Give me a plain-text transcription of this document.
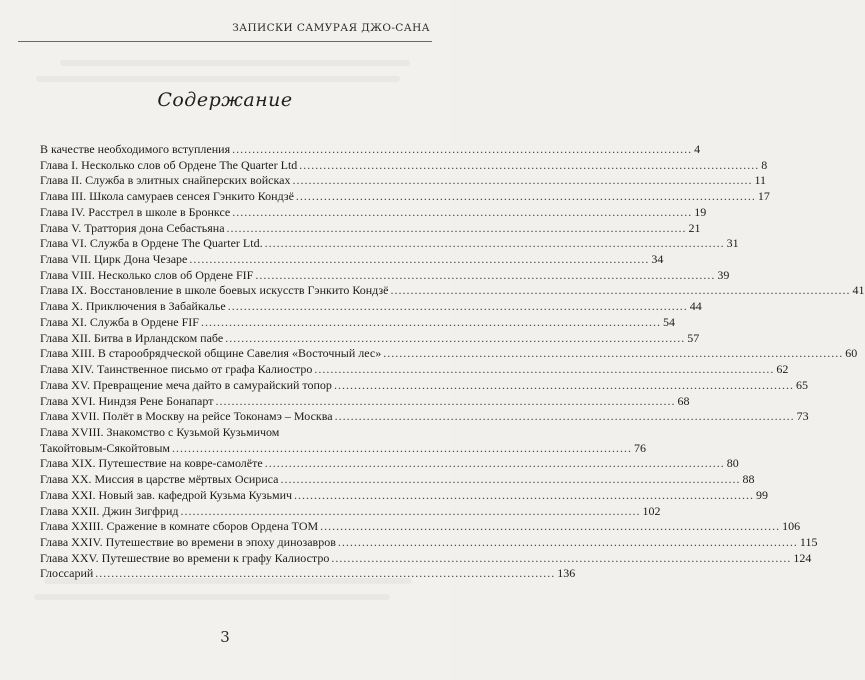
ЗАПИСКИ САМУРАЯ ДЖО-САНА
Содержание
В качестве необходимого вступления .....	4
Глава I. Несколько слов об Ордене The Quarter Ltd .....	8
Глава II. Служба в элитных снайперских войсках .....	11
Глава III. Школа самураев сенсея Гэнкито Кондзё .....	17
Глава IV. Расстрел в школе в Бронксе .....	19
Глава V. Траттория дона Себастьяна .....	21
Глава VI. Служба в Ордене The Quarter Ltd. .....	31
Глава VII. Цирк Дона Чезаре .....	34
Глава VIII. Несколько слов об Ордене FIF .....	39
Глава IX. Восстановление в школе боевых искусств Гэнкито Кондзё .....	41
Глава X. Приключения в Забайкалье .....	44
Глава XI. Служба в Ордене FIF .....	54
Глава XII. Битва в Ирландском пабе .....	57
Глава XIII. В старообрядческой общине Савелия «Восточный лес» .....	60
Глава XIV. Таинственное письмо от графа Калиостро .....	62
Глава XV. Превращение меча дайто в самурайский топор .....	65
Глава XVI. Ниндзя Рене Бонапарт .....	68
Глава XVII. Полёт в Москву на рейсе Токонамэ – Москва .....	73
Глава XVIII. Знакомство с Кузьмой Кузьмичом
Такойтовым-Сякойтовым .....	76
Глава XIX. Путешествие на ковре-самолёте .....	80
Глава XX. Миссия в царстве мёртвых Осириса .....	88
Глава XXI. Новый зав. кафедрой Кузьма Кузьмич .....	99
Глава XXII. Джин Зигфрид .....	102
Глава XXIII. Сражение в комнате сборов Ордена ТОМ .....	106
Глава XXIV. Путешествие во времени в эпоху динозавров .....	115
Глава XXV. Путешествие во времени к графу Калиостро .....	124
Глоссарий .....	136
3
